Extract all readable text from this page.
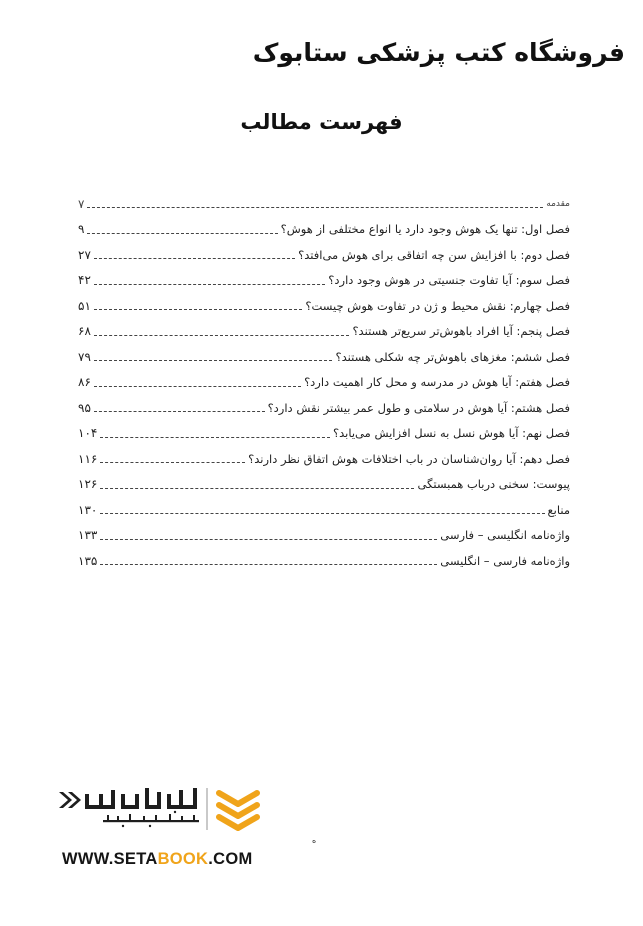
فروشگاه کتب پزشکی ستابوک
فهرست مطالب
مقدمه
۷
فصل اول: تنها یک هوش وجود دارد یا انواع مختلفی از هوش؟
۹
فصل دوم: با افزایش سن چه اتفاقی برای هوش می‌افتد؟
۲۷
فصل سوم: آیا تفاوت جنسیتی در هوش وجود دارد؟
۴۲
فصل چهارم: نقش محیط و ژن در تفاوت هوش چیست؟
۵۱
فصل پنجم: آیا افراد باهوش‌تر سریع‌تر هستند؟
۶۸
فصل ششم: مغزهای باهوش‌تر چه شکلی هستند؟
۷۹
فصل هفتم: آیا هوش در مدرسه و محل کار اهمیت دارد؟
۸۶
فصل هشتم: آیا هوش در سلامتی و طول عمر بیشتر نقش دارد؟
۹۵
فصل نهم: آیا هوش نسل به نسل افزایش می‌یابد؟
۱۰۴
فصل دهم: آیا روان‌شناسان در باب اختلافات هوش اتفاق نظر دارند؟
۱۱۶
پیوست: سخنی درباب همبستگی
۱۲۶
منابع
۱۳۰
واژه‌نامه انگلیسی – فارسی
۱۳۳
واژه‌نامه فارسی – انگلیسی
۱۳۵
ه
WWW.SETABOOK.COM
